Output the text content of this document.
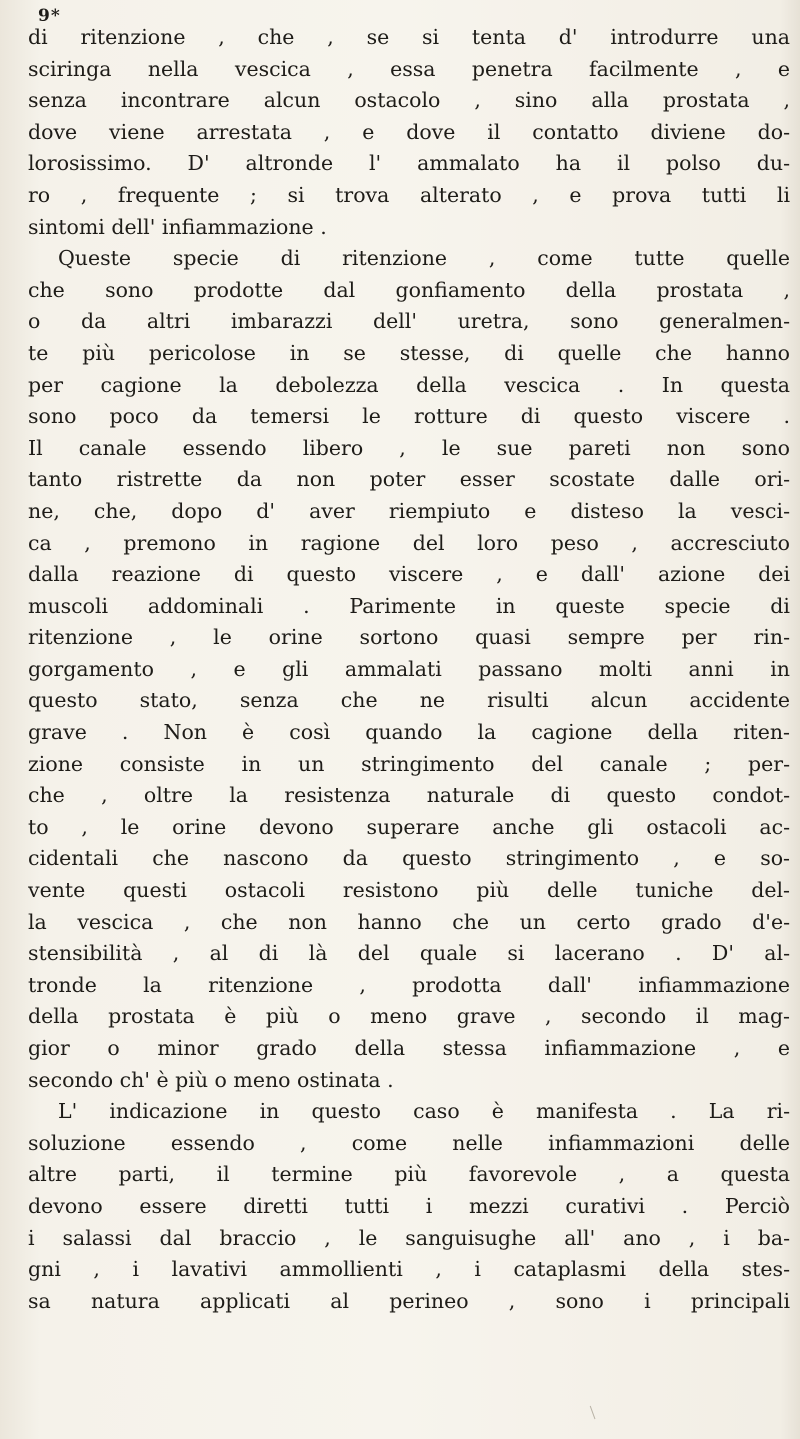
9*
di ritenzione , che , se si tenta d' introdurre una
sciringa nella vescica , essa penetra facilmente , e
senza incontrare alcun ostacolo , sino alla prostata ,
dove viene arrestata , e dove il contatto diviene do-
lorosissimo. D' altronde l' ammalato ha il polso du-
ro , frequente ; si trova alterato , e prova tutti li
sintomi dell' infiammazione .
Queste specie di ritenzione , come tutte quelle
che sono prodotte dal gonfiamento della prostata ,
o da altri imbarazzi dell' uretra, sono generalmen-
te più pericolose in se stesse, di quelle che hanno
per cagione la debolezza della vescica . In questa
sono poco da temersi le rotture di questo viscere .
Il canale essendo libero , le sue pareti non sono
tanto ristrette da non poter esser scostate dalle ori-
ne, che, dopo d' aver riempiuto e disteso la vesci-
ca , premono in ragione del loro peso , accresciuto
dalla reazione di questo viscere , e dall' azione dei
muscoli addominali . Parimente in queste specie di
ritenzione , le orine sortono quasi sempre per rin-
gorgamento , e gli ammalati passano molti anni in
questo stato, senza che ne risulti alcun accidente
grave . Non è così quando la cagione della riten-
zione consiste in un stringimento del canale ; per-
che , oltre la resistenza naturale di questo condot-
to , le orine devono superare anche gli ostacoli ac-
cidentali che nascono da questo stringimento , e so-
vente questi ostacoli resistono più delle tuniche del-
la vescica , che non hanno che un certo grado d'e-
stensibilità , al di là del quale si lacerano . D' al-
tronde la ritenzione , prodotta dall' infiammazione
della prostata è più o meno grave , secondo il mag-
gior o minor grado della stessa infiammazione , e
secondo ch' è più o meno ostinata .
L' indicazione in questo caso è manifesta . La ri-
soluzione essendo , come nelle infiammazioni delle
altre parti, il termine più favorevole , a questa
devono essere diretti tutti i mezzi curativi . Perciò
i salassi dal braccio , le sanguisughe all' ano , i ba-
gni , i lavativi ammollienti , i cataplasmi della stes-
sa natura applicati al perineo , sono i principali
